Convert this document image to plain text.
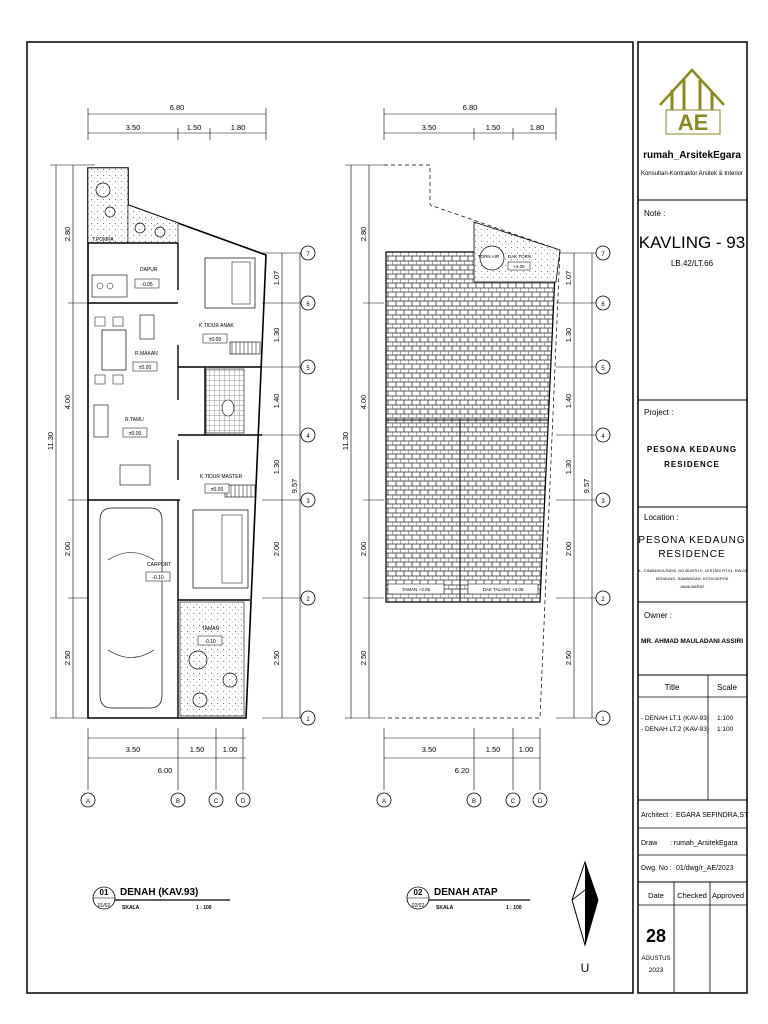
AE
rumah_ArsitekEgara
Konsultan-Kontraktor Arsitek & Interior
Note :
KAVLING - 93
LB.42/LT.66
Project :
PESONA KEDAUNG
RESIDENCE
Location :
PESONA KEDAUNG
RESIDENCE
JL. CINANGKA RAYA, GG.BUNTU II, LESTARI RT.01, RW.03
KEDAUNG, SAWANGAN, KOTA DEPOK
JAWA BARAT
Owner :
MR. AHMAD MAULADANI ASSIRI
Title	Scale
- DENAH LT.1 (KAV-93) 1:100
- DENAH LT.2 (KAV-93) 1:100
Architect : EGARA SEFINDRA,ST
Draw : rumah_ArsitekEgara
Dwg. No : 01/dwg/r_AE/2023
Date Checked Approved
28
AGUSTUS
2023
6.80
3.50	1.50	1.80
11.30
2.80
4.00
2.00
2.50
1.07
1.30
1.40
1.30
2.00
2.50
9.57
T.POMPA
DAPUR
-0.05
R.MAKAN
±0.00
R.TAMU
±0.00
K.TIDUR ANAK
±0.00
K.TIDUR MASTER
±0.00
CARPORT
-0.10
TAMAN
-0.10
3.50	1.50 1.00
6.00
A	B	C	D
7
6
5
4
3
2
1
01
01/02
DENAH (KAV.93)
SKALA	1 : 100
6.80
3.50	1.50	1.80
11.30
2.80
4.00
2.00
2.50
1.07
1.30
1.40
1.30
2.00
2.50
9.57
TORN AIR DAK TORN
+4.05
TAMAN +3.05	DAK TALANG +3.05
3.50	1.50 1.00
6.20
A	B	C	D
7
6
5
4
3
2
1
02
02/02
DENAH ATAP
SKALA	1 : 100
U
